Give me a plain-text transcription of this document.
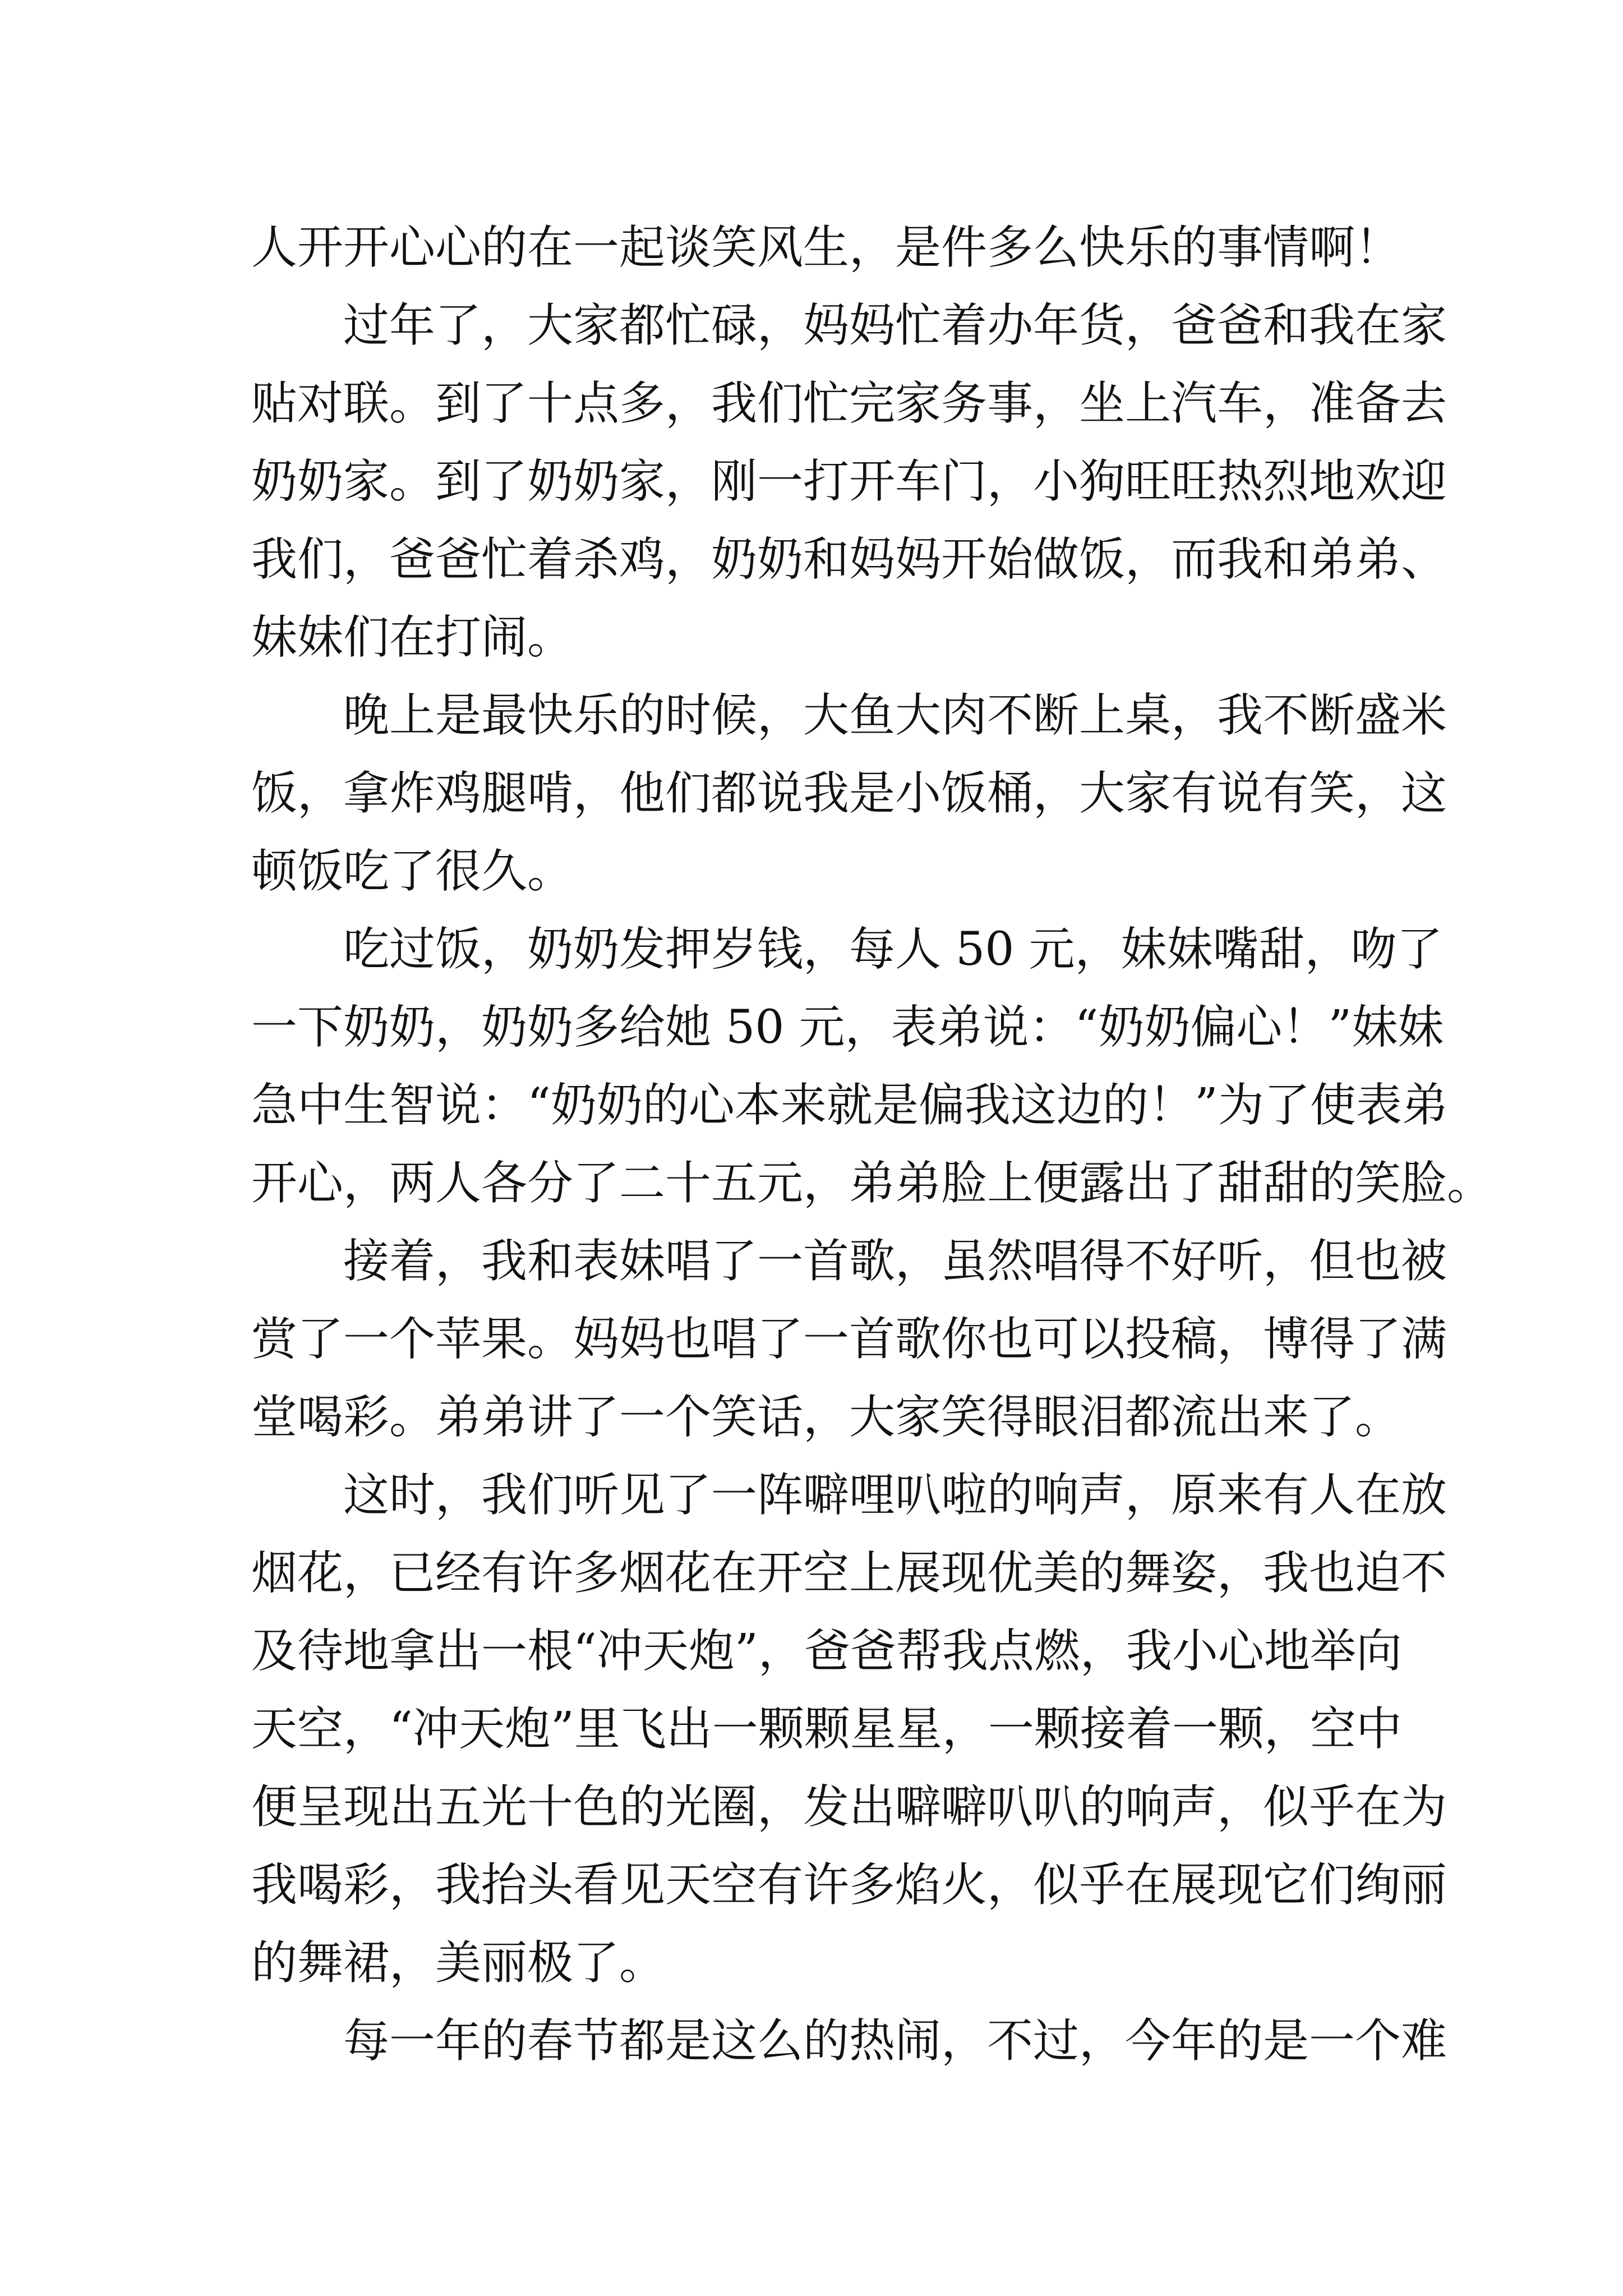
人开开心心的在一起谈笑风生，是件多么快乐的事情啊！
　　过年了，大家都忙碌，妈妈忙着办年货，爸爸和我在家
贴对联。到了十点多，我们忙完家务事，坐上汽车，准备去
奶奶家。到了奶奶家，刚一打开车门，小狗旺旺热烈地欢迎
我们，爸爸忙着杀鸡，奶奶和妈妈开始做饭，而我和弟弟、
妹妹们在打闹。
　　晚上是最快乐的时候，大鱼大肉不断上桌，我不断盛米
饭，拿炸鸡腿啃，他们都说我是小饭桶，大家有说有笑，这
顿饭吃了很久。
　　吃过饭，奶奶发押岁钱，每人 50 元，妹妹嘴甜，吻了
一下奶奶，奶奶多给她 50 元，表弟说：“奶奶偏心！”妹妹
急中生智说：“奶奶的心本来就是偏我这边的！”为了使表弟
开心，两人各分了二十五元，弟弟脸上便露出了甜甜的笑脸。
　　接着，我和表妹唱了一首歌，虽然唱得不好听，但也被
赏了一个苹果。妈妈也唱了一首歌你也可以投稿，博得了满
堂喝彩。弟弟讲了一个笑话，大家笑得眼泪都流出来了。
　　这时，我们听见了一阵噼哩叭啦的响声，原来有人在放
烟花，已经有许多烟花在开空上展现优美的舞姿，我也迫不
及待地拿出一根“冲天炮”，爸爸帮我点燃，我小心地举向
天空，“冲天炮”里飞出一颗颗星星，一颗接着一颗，空中
便呈现出五光十色的光圈，发出噼噼叭叭的响声，似乎在为
我喝彩，我抬头看见天空有许多焰火，似乎在展现它们绚丽
的舞裙，美丽极了。
　　每一年的春节都是这么的热闹，不过，今年的是一个难
